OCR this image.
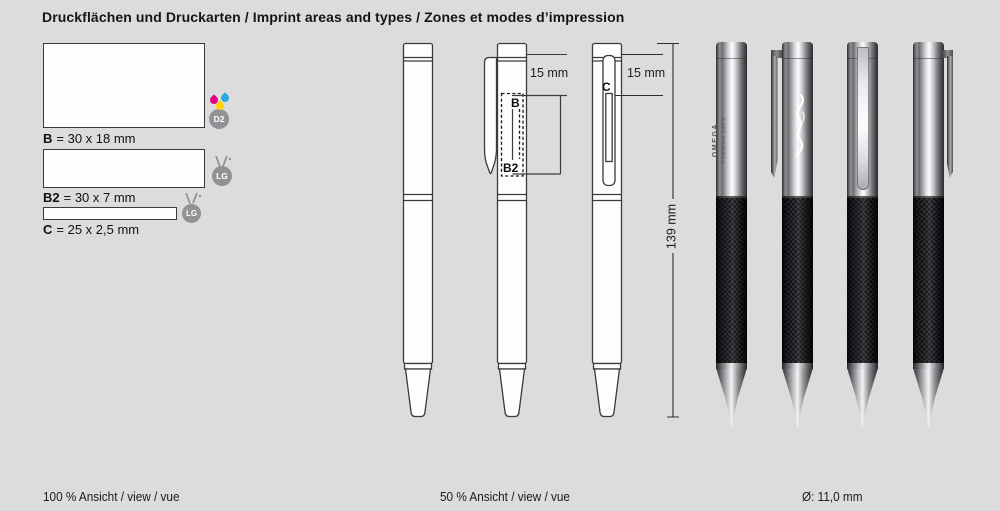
Druckflächen und Druckarten / Imprint areas and types / Zones et modes d’impression
B = 30 x 18 mm
B2 = 30 x 7 mm
C = 25 x 2,5 mm
D2
LG
LG
B
B2
C
15 mm	15 mm
139 mm
OMEGA PREMIUM CAPS
100 % Ansicht / view / vue	50 % Ansicht / view / vue	Ø: 11,0 mm
